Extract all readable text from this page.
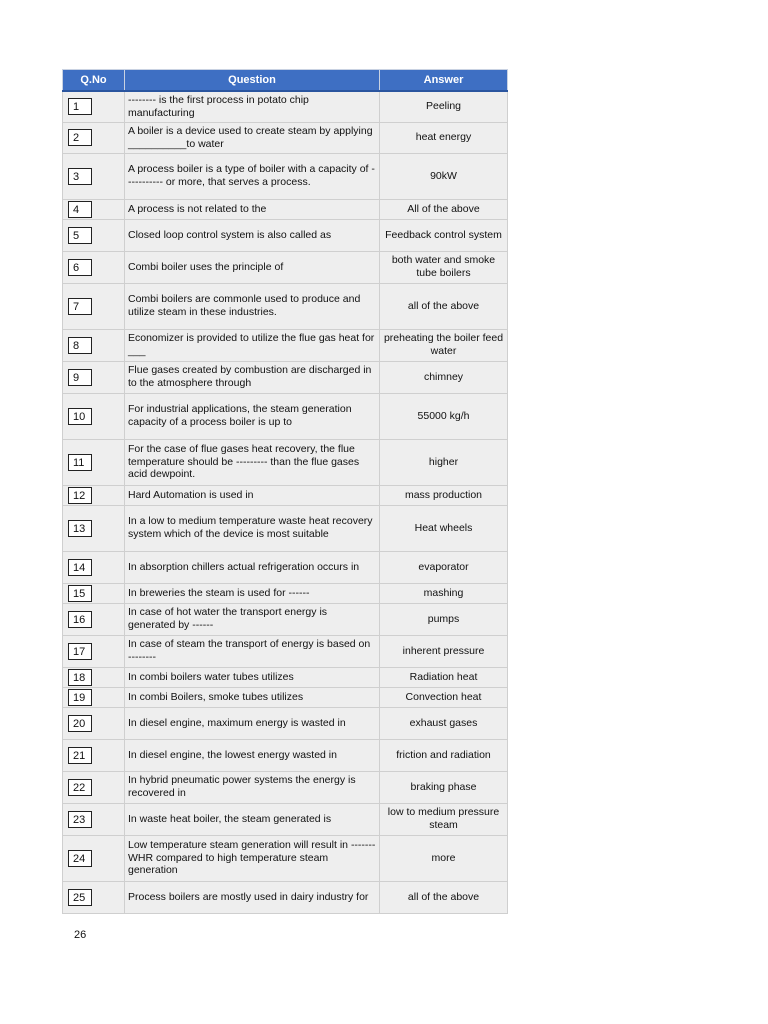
Q.No	Question	Answer

1	-------- is the first process in potato chip manufacturing	Peeling

2	A boiler is a device used to create steam by applying __________to water	heat energy

3	A process boiler is a type of boiler with a capacity of ----------- or more, that serves a process.	90kW

4	A process is not related to the	All of the above

5	Closed loop control system is also called as	Feedback control system

6	Combi boiler uses the principle of	both water and smoke tube boilers

7	Combi boilers are commonle used to produce and utilize steam in these industries.	all of the above

8	Economizer is provided to utilize the flue gas heat for ___	preheating the boiler feed water

9	Flue gases created by combustion are discharged in to the atmosphere through	chimney

10	For industrial applications, the steam generation capacity of a process boiler is up to	55000 kg/h

11	For the case of flue gases heat recovery, the flue temperature should be --------- than the flue gases acid dewpoint.	higher

12	Hard Automation is used in	mass production

13	In a low to medium temperature waste heat recovery system which of the device is most suitable	Heat wheels

14	In absorption chillers actual refrigeration occurs in	evaporator

15	In breweries the steam is used for ------	mashing

16	In case of hot water the transport energy is generated by ------	pumps

17	In case of steam the transport of energy is based on --------	inherent pressure

18	In combi boilers water tubes utilizes	Radiation heat

19	In combi Boilers, smoke tubes utilizes	Convection heat

20	In diesel engine, maximum energy is wasted in	exhaust gases

21	In diesel engine, the lowest energy wasted in	friction and radiation

22	In hybrid pneumatic power systems the energy is recovered in	braking phase

23	In waste heat boiler, the steam generated is	low to medium pressure steam

24	Low temperature steam generation will result in ------- WHR compared to high temperature steam generation	more

25	Process boilers are mostly used in dairy industry for	all of the above
26
